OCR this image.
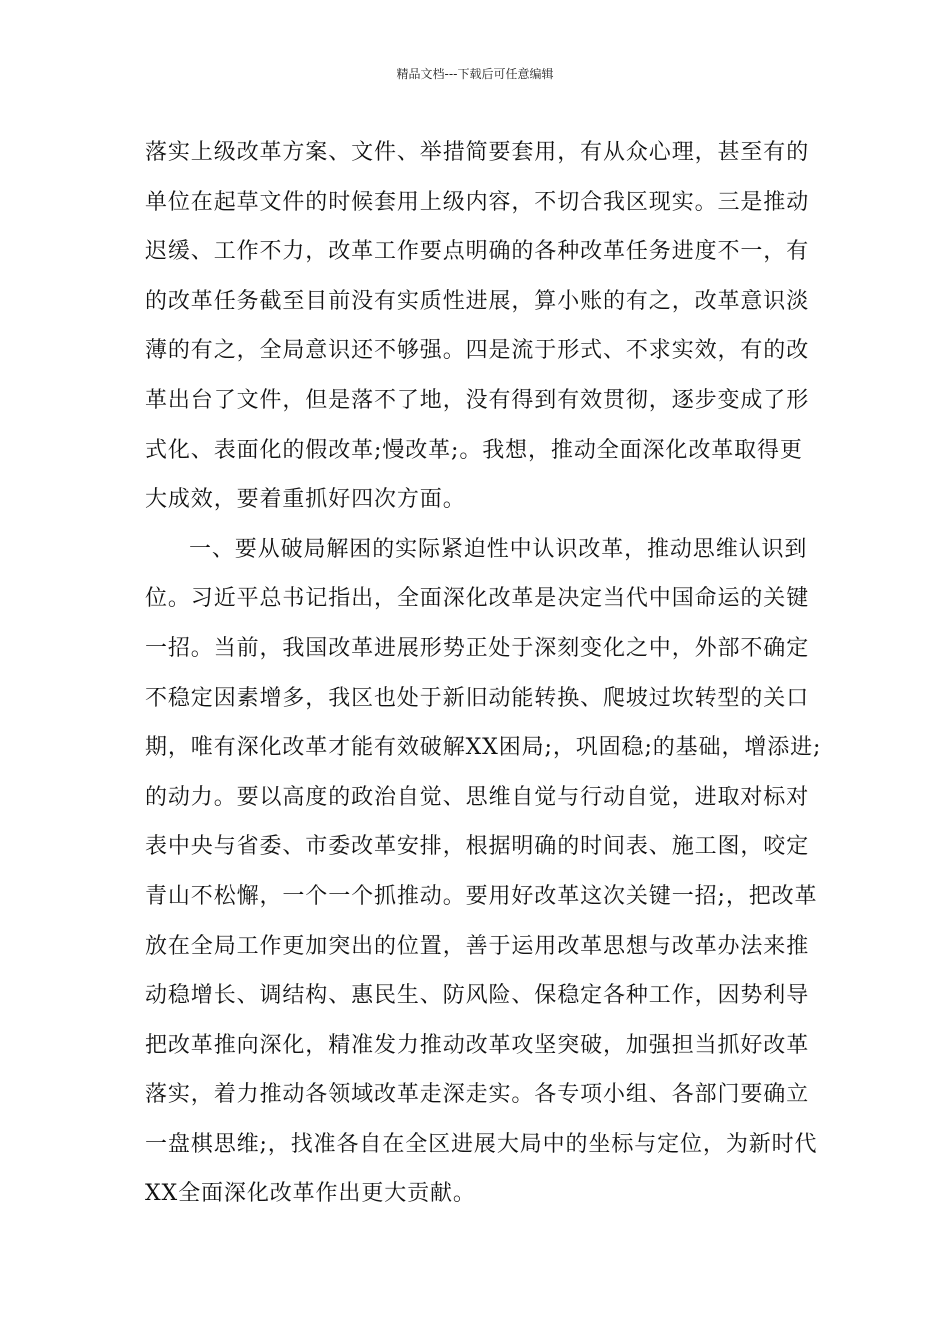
精品文档---下载后可任意编辑
落实上级改革方案、文件、举措简要套用，有从众心理，甚至有的
单位在起草文件的时候套用上级内容，不切合我区现实。三是推动
迟缓、工作不力，改革工作要点明确的各种改革任务进度不一，有
的改革任务截至目前没有实质性进展，算小账的有之，改革意识淡
薄的有之，全局意识还不够强。四是流于形式、不求实效，有的改
革出台了文件，但是落不了地，没有得到有效贯彻，逐步变成了形
式化、表面化的假改革;慢改革;。我想，推动全面深化改革取得更
大成效，要着重抓好四次方面。
一、要从破局解困的实际紧迫性中认识改革，推动思维认识到
位。习近平总书记指出，全面深化改革是决定当代中国命运的关键
一招。当前，我国改革进展形势正处于深刻变化之中，外部不确定
不稳定因素增多，我区也处于新旧动能转换、爬坡过坎转型的关口
期，唯有深化改革才能有效破解XX困局;，巩固稳;的基础，增添进;
的动力。要以高度的政治自觉、思维自觉与行动自觉，进取对标对
表中央与省委、市委改革安排，根据明确的时间表、施工图，咬定
青山不松懈，一个一个抓推动。要用好改革这次关键一招;，把改革
放在全局工作更加突出的位置，善于运用改革思想与改革办法来推
动稳增长、调结构、惠民生、防风险、保稳定各种工作，因势利导
把改革推向深化，精准发力推动改革攻坚突破，加强担当抓好改革
落实，着力推动各领域改革走深走实。各专项小组、各部门要确立
一盘棋思维;，找准各自在全区进展大局中的坐标与定位，为新时代
XX全面深化改革作出更大贡献。
